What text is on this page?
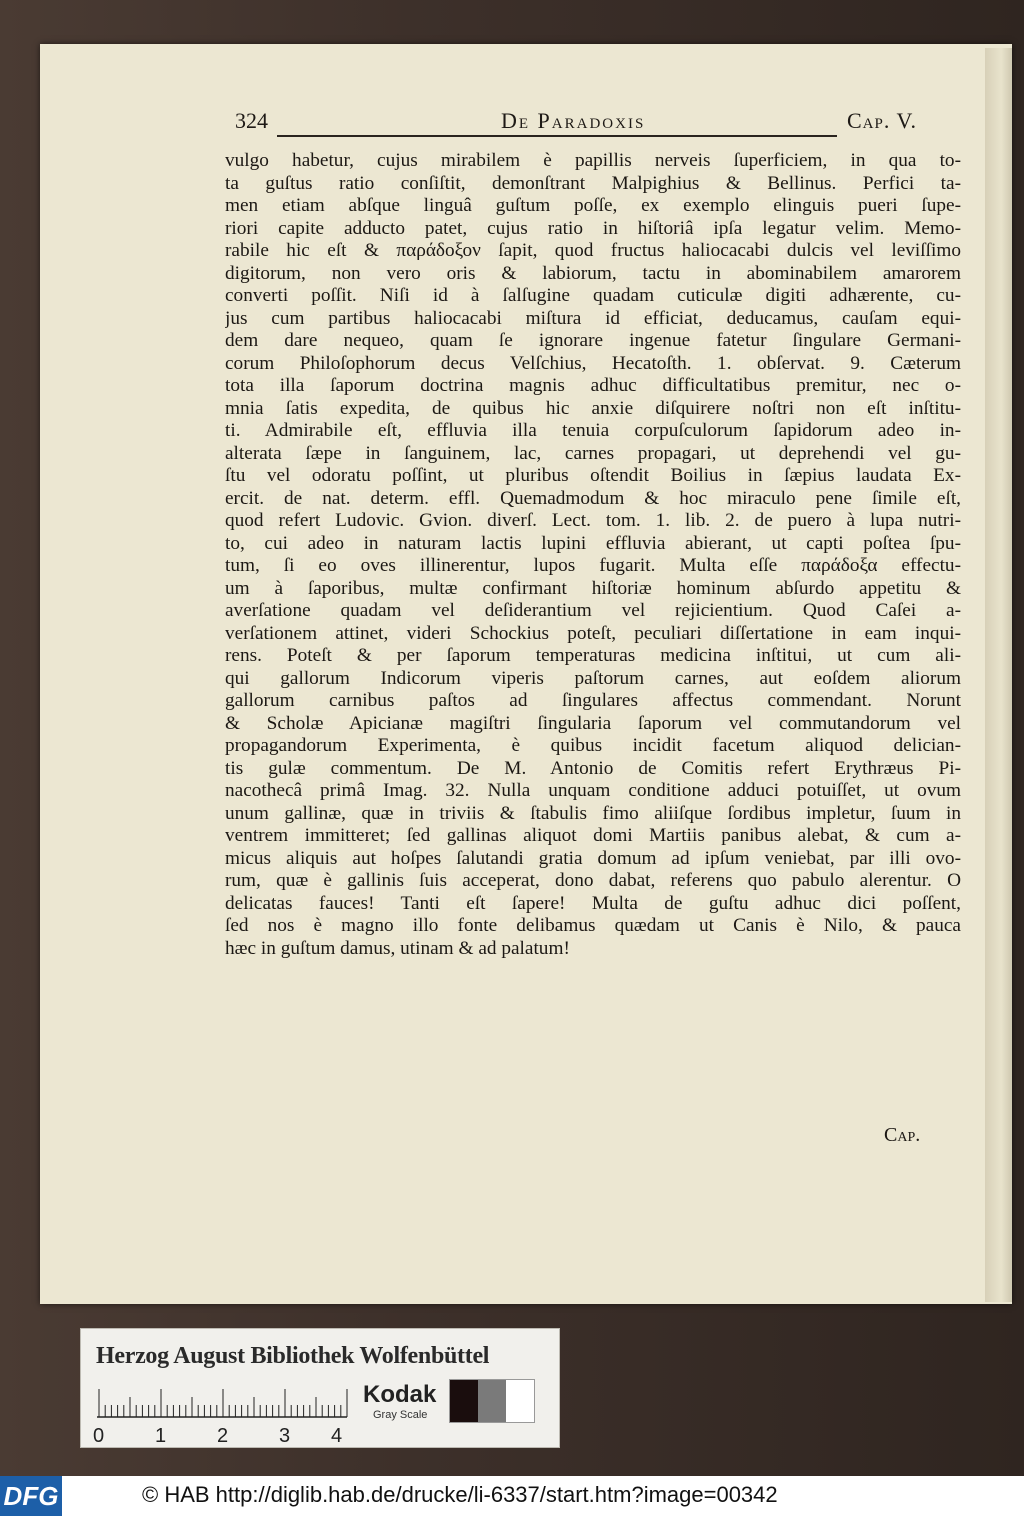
324	De Paradoxis	Cap. V.
vulgo habetur, cujus mirabilem è papillis nerveis ſuperficiem, in qua to-
ta guſtus ratio conſiſtit, demonſtrant Malpighius & Bellinus. Perfici ta-
men etiam abſque linguâ guſtum poſſe, ex exemplo elinguis pueri ſupe-
riori capite adducto patet, cujus ratio in hiſtoriâ ipſa legatur velim. Memo-
rabile hic eſt & παράδοξον ſapit, quod fructus haliocacabi dulcis vel leviſſimo
digitorum, non vero oris & labiorum, tactu in abominabilem amarorem
converti poſſit. Niſi id à ſalſugine quadam cuticulæ digiti adhærente, cu-
jus cum partibus haliocacabi miſtura id efficiat, deducamus, cauſam equi-
dem dare nequeo, quam ſe ignorare ingenue fatetur ſingulare Germani-
corum Philoſophorum decus Velſchius, Hecatoſth. 1. obſervat. 9. Cæterum
tota illa ſaporum doctrina magnis adhuc difficultatibus premitur, nec o-
mnia ſatis expedita, de quibus hic anxie diſquirere noſtri non eſt inſtitu-
ti. Admirabile eſt, effluvia illa tenuia corpuſculorum ſapidorum adeo in-
alterata ſæpe in ſanguinem, lac, carnes propagari, ut deprehendi vel gu-
ſtu vel odoratu poſſint, ut pluribus oſtendit Boilius in ſæpius laudata Ex-
ercit. de nat. determ. effl. Quemadmodum & hoc miraculo pene ſimile eſt,
quod refert Ludovic. Gvion. diverſ. Lect. tom. 1. lib. 2. de puero à lupa nutri-
to, cui adeo in naturam lactis lupini effluvia abierant, ut capti poſtea ſpu-
tum, ſi eo oves illinerentur, lupos fugarit. Multa eſſe παράδοξα effectu-
um à ſaporibus, multæ confirmant hiſtoriæ hominum abſurdo appetitu &
averſatione quadam vel deſiderantium vel rejicientium. Quod Caſei a-
verſationem attinet, videri Schockius poteſt, peculiari diſſertatione in eam inqui-
rens. Poteſt & per ſaporum temperaturas medicina inſtitui, ut cum ali-
qui gallorum Indicorum viperis paſtorum carnes, aut eoſdem aliorum
gallorum carnibus paſtos ad ſingulares affectus commendant. Norunt
& Scholæ Apicianæ magiſtri ſingularia ſaporum vel commutandorum vel
propagandorum Experimenta, è quibus incidit facetum aliquod delician-
tis gulæ commentum. De M. Antonio de Comitis refert Erythræus Pi-
nacothecâ primâ Imag. 32. Nulla unquam conditione adduci potuiſſet, ut ovum
unum gallinæ, quæ in triviis & ſtabulis fimo aliiſque ſordibus impletur, ſuum in
ventrem immitteret; ſed gallinas aliquot domi Martiis panibus alebat, & cum a-
micus aliquis aut hoſpes ſalutandi gratia domum ad ipſum veniebat, par illi ovo-
rum, quæ è gallinis ſuis acceperat, dono dabat, referens quo pabulo alerentur. O
delicatas fauces! Tanti eſt ſapere! Multa de guſtu adhuc dici poſſent,
ſed nos è magno illo fonte delibamus quædam ut Canis è Nilo, & pauca
hæc in guſtum damus, utinam & ad palatum!
Cap.
Herzog August Bibliothek Wolfenbüttel
0	1	2	3 4
Kodak
Gray Scale
DFG	© HAB http://diglib.hab.de/drucke/li-6337/start.htm?image=00342
